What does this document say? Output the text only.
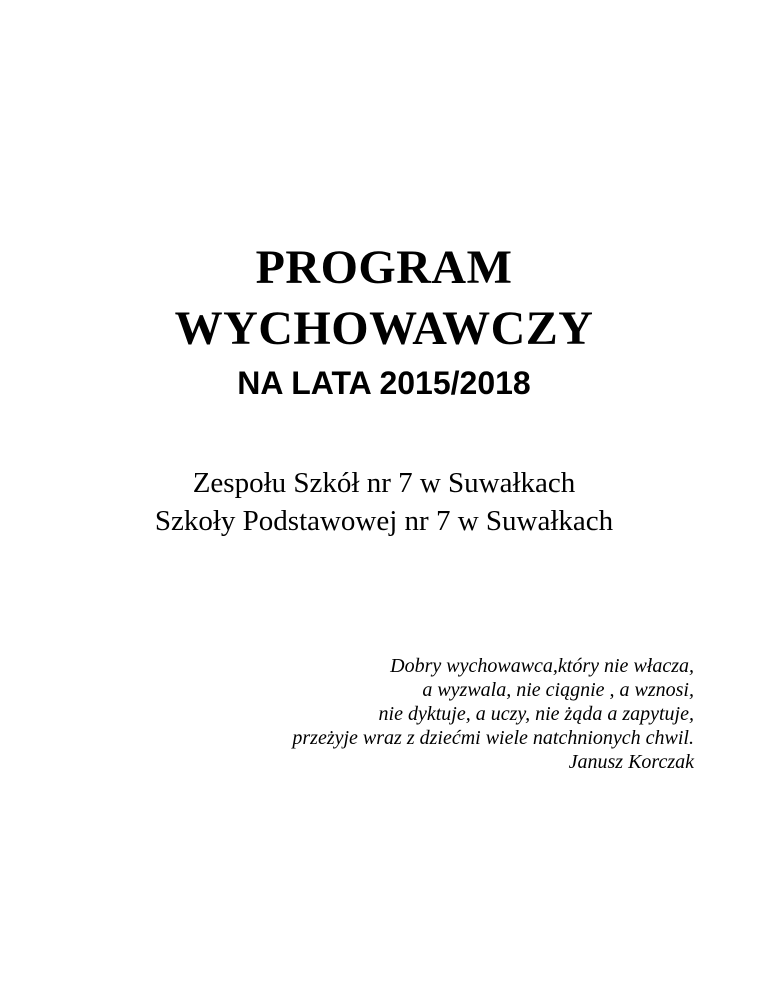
PROGRAM
WYCHOWAWCZY
NA LATA 2015/2018
Zespołu Szkół nr 7 w Suwałkach
Szkoły Podstawowej nr 7 w Suwałkach
Dobry wychowawca,który nie włacza,
a wyzwala, nie ciągnie , a wznosi,
nie dyktuje, a uczy, nie żąda a zapytuje,
przeżyje wraz z dziećmi wiele natchnionych chwil.
Janusz Korczak
